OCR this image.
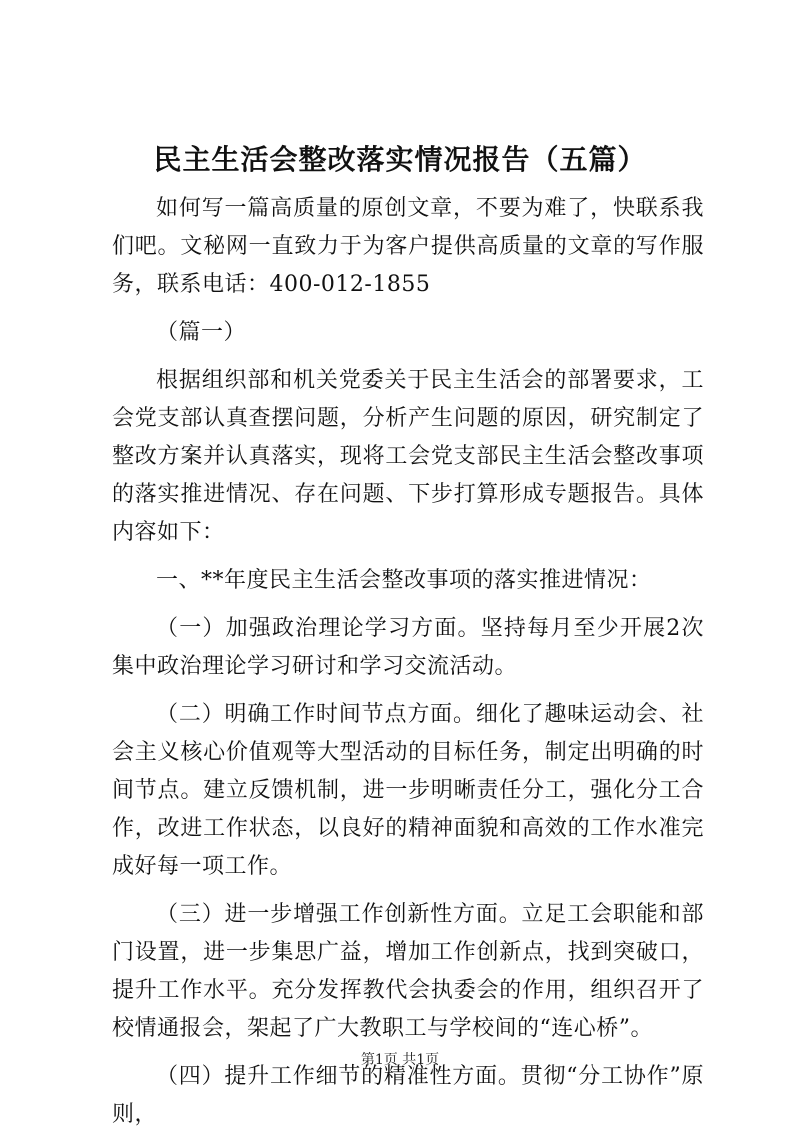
民主生活会整改落实情况报告（五篇）

如何写一篇高质量的原创文章，不要为难了，快联系我们吧。文秘网一直致力于为客户提供高质量的文章的写作服务，联系电话：400-012-1855

（篇一）

根据组织部和机关党委关于民主生活会的部署要求，工会党支部认真查摆问题，分析产生问题的原因，研究制定了整改方案并认真落实，现将工会党支部民主生活会整改事项的落实推进情况、存在问题、下步打算形成专题报告。具体内容如下：

一、**年度民主生活会整改事项的落实推进情况：

（一）加强政治理论学习方面。坚持每月至少开展2次集中政治理论学习研讨和学习交流活动。

（二）明确工作时间节点方面。细化了趣味运动会、社会主义核心价值观等大型活动的目标任务，制定出明确的时间节点。建立反馈机制，进一步明晰责任分工，强化分工合作，改进工作状态，以良好的精神面貌和高效的工作水准完成好每一项工作。

（三）进一步增强工作创新性方面。立足工会职能和部门设置，进一步集思广益，增加工作创新点，找到突破口，提升工作水平。充分发挥教代会执委会的作用，组织召开了校情通报会，架起了广大教职工与学校间的“连心桥”。

（四）提升工作细节的精准性方面。贯彻“分工协作”原则，

第1页 共1页
